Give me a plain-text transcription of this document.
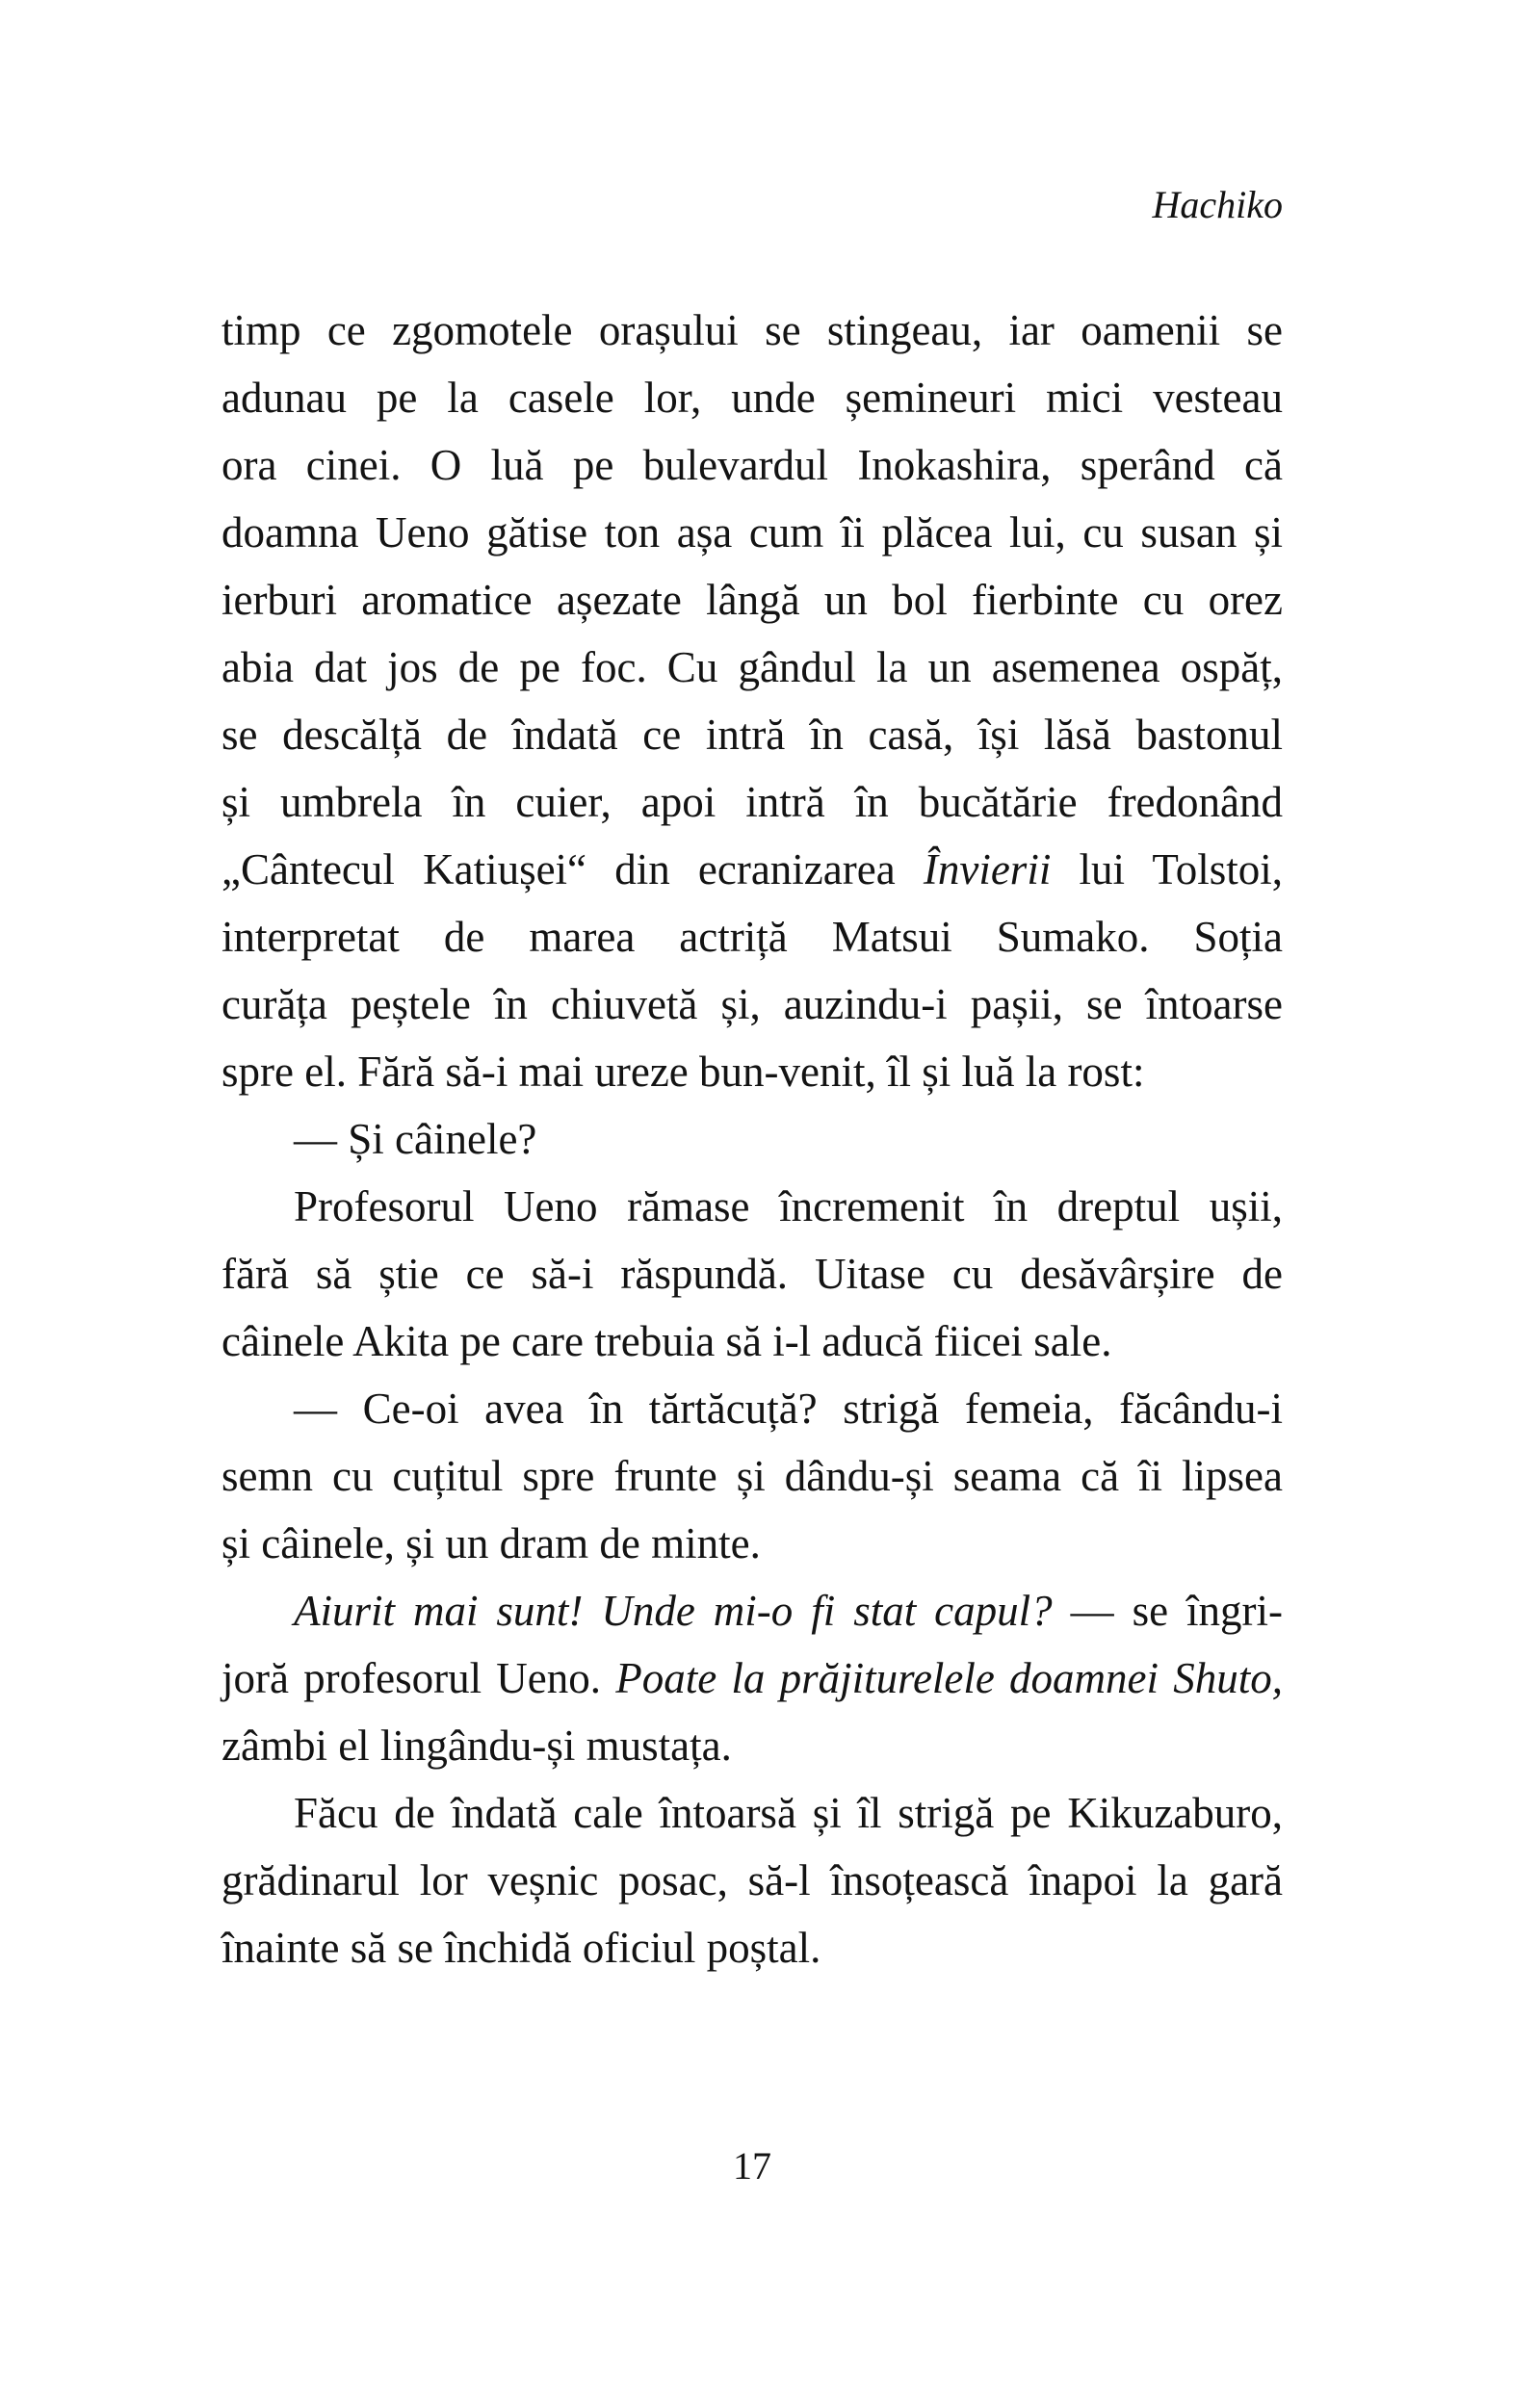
Hachiko
timp ce zgomotele orașului se stingeau, iar oamenii se
adunau pe la casele lor, unde șemineuri mici vesteau
ora cinei. O luă pe bulevardul Inokashira, sperând că
doamna Ueno gătise ton așa cum îi plăcea lui, cu susan și
ierburi aromatice așezate lângă un bol fierbinte cu orez
abia dat jos de pe foc. Cu gândul la un asemenea ospăț,
se descălță de îndată ce intră în casă, își lăsă bastonul
și umbrela în cuier, apoi intră în bucătărie fredonând
„Cântecul Katiușei“ din ecranizarea Învierii lui Tolstoi,
interpretat de marea actriță Matsui Sumako. Soția
curăța peștele în chiuvetă și, auzindu-i pașii, se întoarse
spre el. Fără să-i mai ureze bun-venit, îl și luă la rost:
— Și câinele?
Profesorul Ueno rămase încremenit în dreptul ușii,
fără să știe ce să-i răspundă. Uitase cu desăvârșire de
câinele Akita pe care trebuia să i-l aducă fiicei sale.
— Ce-oi avea în tărtăcuță? strigă femeia, făcându-i
semn cu cuțitul spre frunte și dându-și seama că îi lipsea
și câinele, și un dram de minte.
Aiurit mai sunt! Unde mi-o fi stat capul? — se îngri-
joră profesorul Ueno. Poate la prăjiturelele doamnei Shuto,
zâmbi el lingându-și mustața.
Făcu de îndată cale întoarsă și îl strigă pe Kikuzaburo,
grădinarul lor veșnic posac, să-l însoțească înapoi la gară
înainte să se închidă oficiul poștal.
17
